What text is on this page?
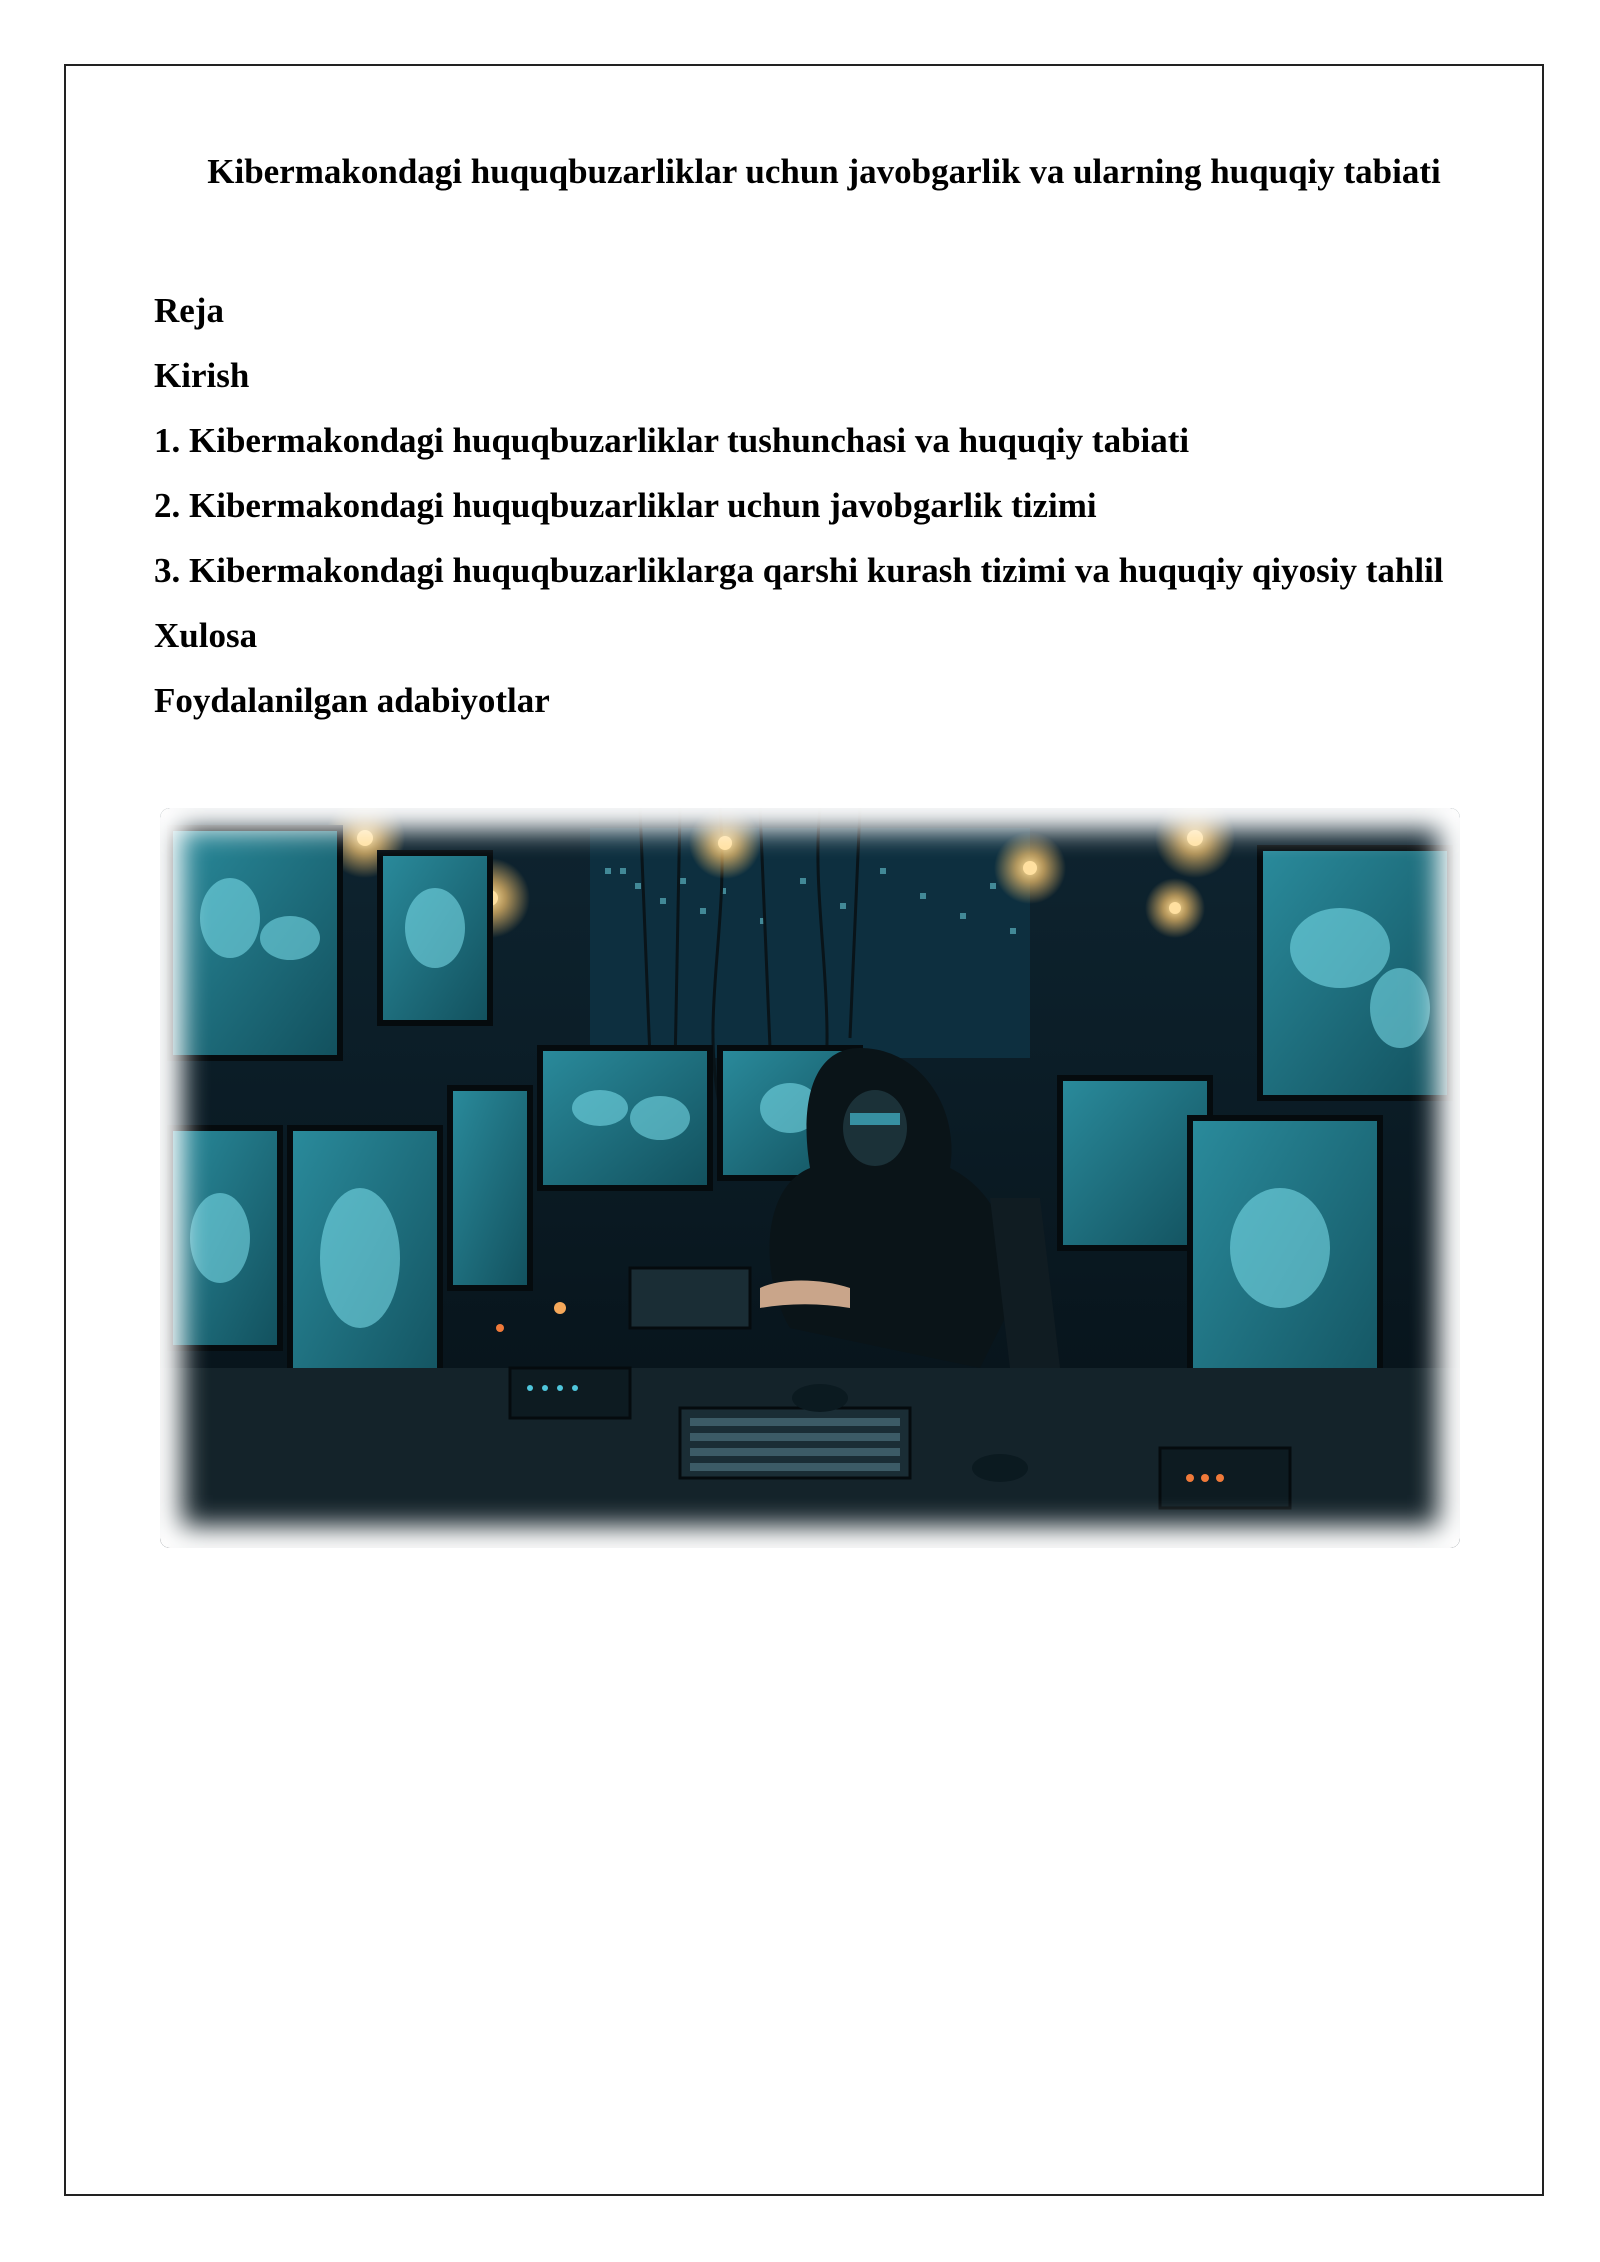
Kibermakondagi huquqbuzarliklar uchun javobgarlik va ularning huquqiy tabiati
Reja
Kirish
1. Kibermakondagi huquqbuzarliklar tushunchasi va huquqiy tabiati
2. Kibermakondagi huquqbuzarliklar uchun javobgarlik tizimi
3. Kibermakondagi huquqbuzarliklarga qarshi kurash tizimi va huquqiy qiyosiy tahlil
Xulosa
Foydalanilgan adabiyotlar
